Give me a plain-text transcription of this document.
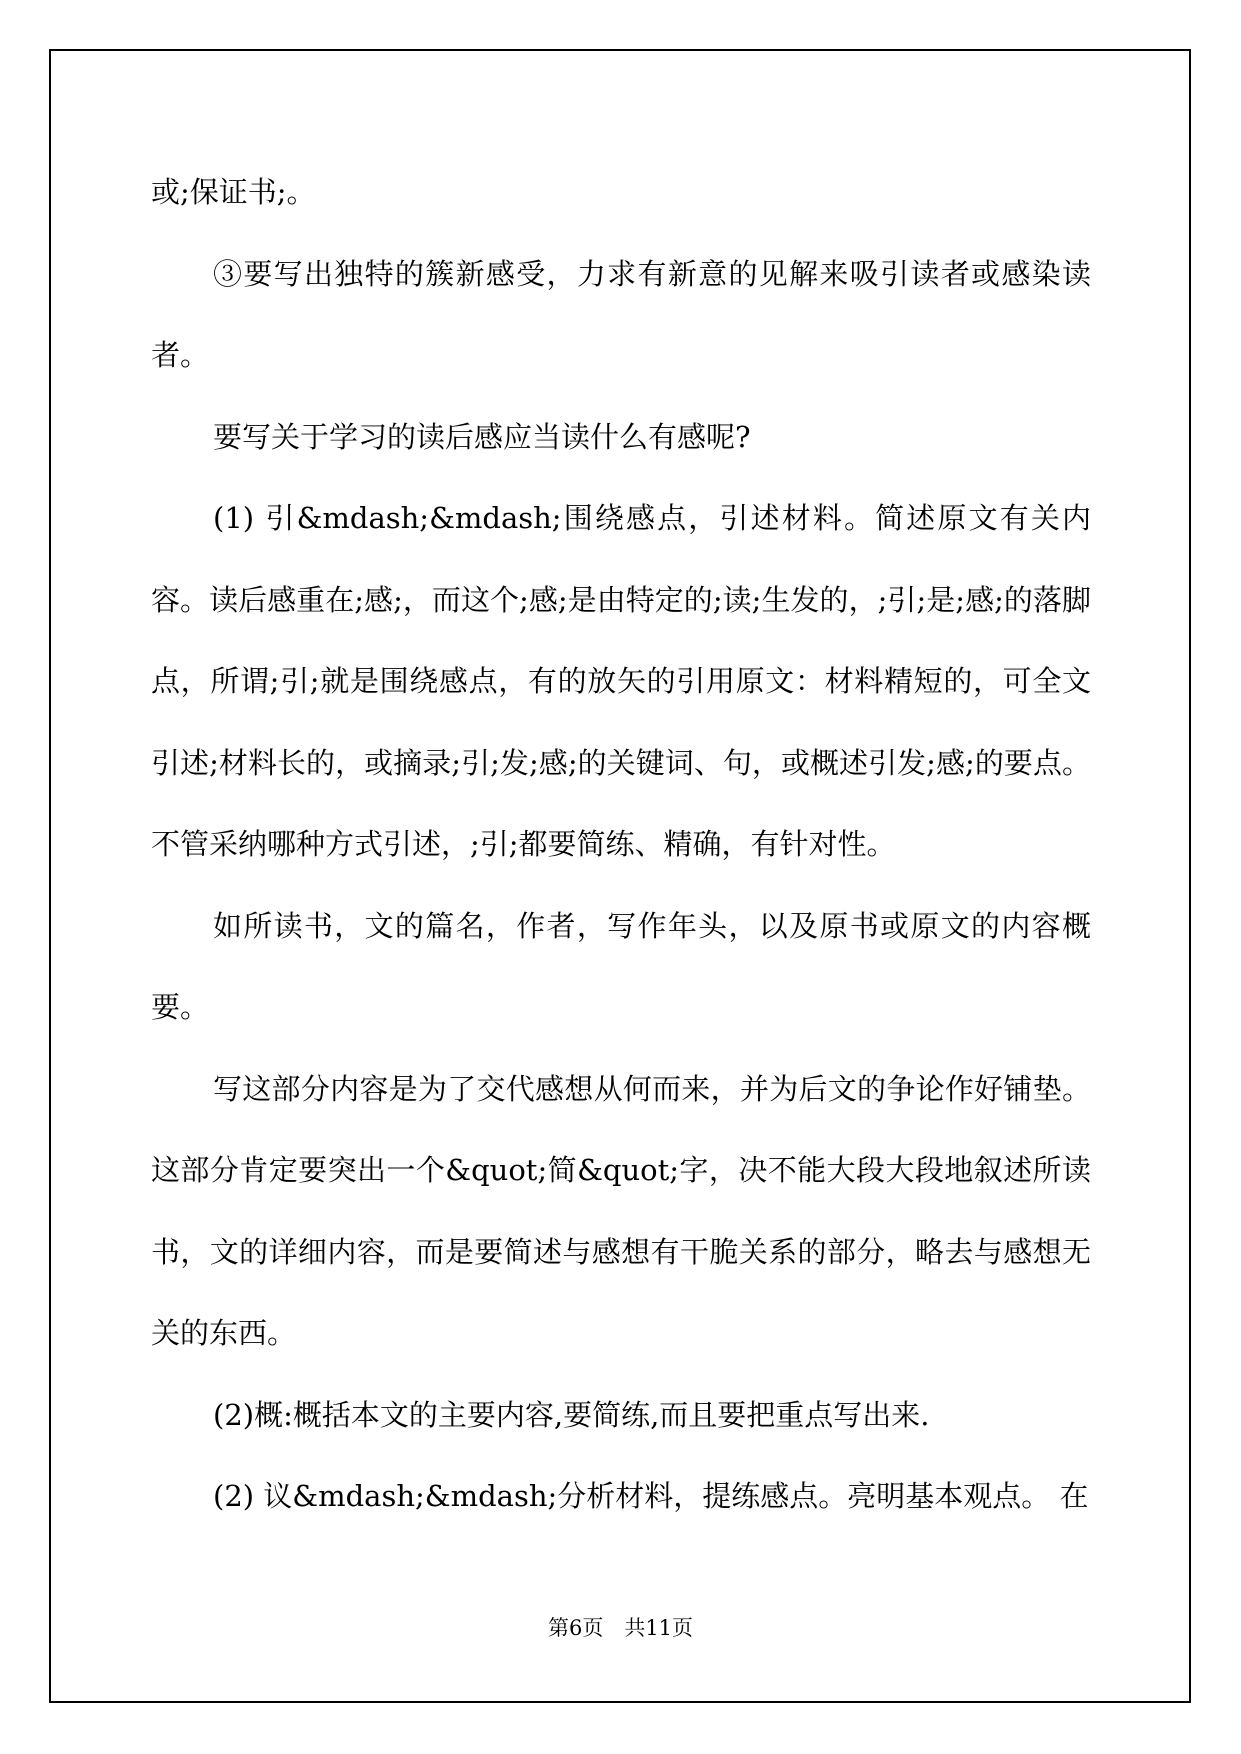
或;保证书;。

③要写出独特的簇新感受，力求有新意的见解来吸引读者或感染读者。

要写关于学习的读后感应当读什么有感呢?

(1) 引&mdash;&mdash;围绕感点，引述材料。简述原文有关内容。读后感重在;感;，而这个;感;是由特定的;读;生发的，;引;是;感;的落脚点，所谓;引;就是围绕感点，有的放矢的引用原文：材料精短的，可全文引述;材料长的，或摘录;引;发;感;的关键词、句，或概述引发;感;的要点。不管采纳哪种方式引述，;引;都要简练、精确，有针对性。

如所读书，文的篇名，作者，写作年头，以及原书或原文的内容概要。

写这部分内容是为了交代感想从何而来，并为后文的争论作好铺垫。这部分肯定要突出一个&quot;简&quot;字，决不能大段大段地叙述所读书，文的详细内容，而是要简述与感想有干脆关系的部分，略去与感想无关的东西。

(2)概:概括本文的主要内容,要简练,而且要把重点写出来.

(2) 议&mdash;&mdash;分析材料，提练感点。亮明基本观点。 在

第6页　共11页
